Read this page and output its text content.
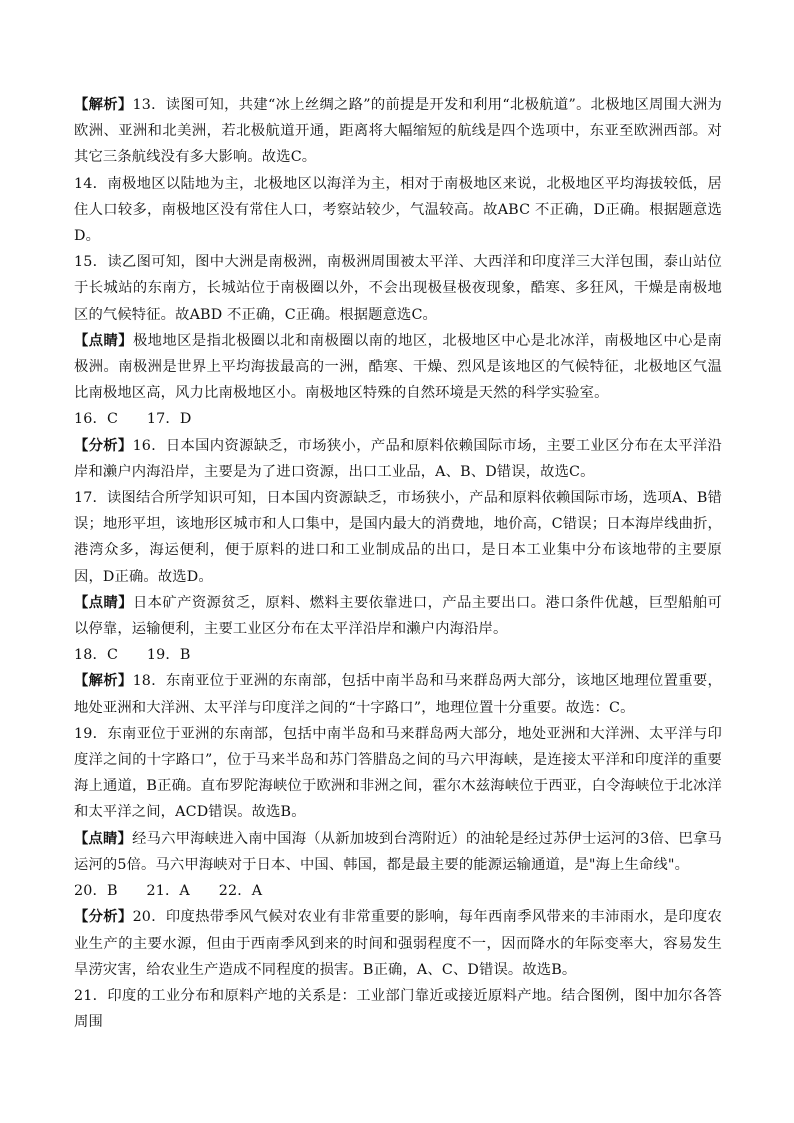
【解析】13．读图可知，共建“冰上丝绸之路”的前提是开发和利用“北极航道”。北极地区周围大洲为欧洲、亚洲和北美洲，若北极航道开通，距离将大幅缩短的航线是四个选项中，东亚至欧洲西部。对其它三条航线没有多大影响。故选C。

14．南极地区以陆地为主，北极地区以海洋为主，相对于南极地区来说，北极地区平均海拔较低，居住人口较多，南极地区没有常住人口，考察站较少，气温较高。故ABC 不正确，D正确。根据题意选D。

15．读乙图可知，图中大洲是南极洲，南极洲周围被太平洋、大西洋和印度洋三大洋包围，泰山站位于长城站的东南方，长城站位于南极圈以外，不会出现极昼极夜现象，酷寒、多狂风，干燥是南极地区的气候特征。故ABD 不正确，C正确。根据题意选C。

【点睛】极地地区是指北极圈以北和南极圈以南的地区，北极地区中心是北冰洋，南极地区中心是南极洲。南极洲是世界上平均海拔最高的一洲，酷寒、干燥、烈风是该地区的气候特征，北极地区气温比南极地区高，风力比南极地区小。南极地区特殊的自然环境是天然的科学实验室。

16．C　　17．D

【分析】16．日本国内资源缺乏，市场狭小，产品和原料依赖国际市场，主要工业区分布在太平洋沿岸和濑户内海沿岸，主要是为了进口资源，出口工业品，A、B、D错误，故选C。

17．读图结合所学知识可知，日本国内资源缺乏，市场狭小，产品和原料依赖国际市场，选项A、B错误；地形平坦，该地形区城市和人口集中，是国内最大的消费地，地价高，C错误；日本海岸线曲折，港湾众多，海运便利，便于原料的进口和工业制成品的出口，是日本工业集中分布该地带的主要原因，D正确。故选D。

【点睛】日本矿产资源贫乏，原料、燃料主要依靠进口，产品主要出口。港口条件优越，巨型船舶可以停靠，运输便利，主要工业区分布在太平洋沿岸和濑户内海沿岸。

18．C　　19．B

【解析】18．东南亚位于亚洲的东南部，包括中南半岛和马来群岛两大部分，该地区地理位置重要，地处亚洲和大洋洲、太平洋与印度洋之间的“十字路口”，地理位置十分重要。故选：C。

19．东南亚位于亚洲的东南部，包括中南半岛和马来群岛两大部分，地处亚洲和大洋洲、太平洋与印度洋之间的十字路口”，位于马来半岛和苏门答腊岛之间的马六甲海峡，是连接太平洋和印度洋的重要海上通道，B正确。直布罗陀海峡位于欧洲和非洲之间，霍尔木兹海峡位于西亚，白令海峡位于北冰洋和太平洋之间，ACD错误。故选B。

【点睛】经马六甲海峡进入南中国海（从新加坡到台湾附近）的油轮是经过苏伊士运河的3倍、巴拿马运河的5倍。马六甲海峡对于日本、中国、韩国，都是最主要的能源运输通道，是"海上生命线"。

20．B　　21．A　　22．A

【分析】20．印度热带季风气候对农业有非常重要的影响，每年西南季风带来的丰沛雨水，是印度农业生产的主要水源，但由于西南季风到来的时间和强弱程度不一，因而降水的年际变率大，容易发生旱涝灾害，给农业生产造成不同程度的损害。B正确，A、C、D错误。故选B。

21．印度的工业分布和原料产地的关系是：工业部门靠近或接近原料产地。结合图例，图中加尔各答周围
